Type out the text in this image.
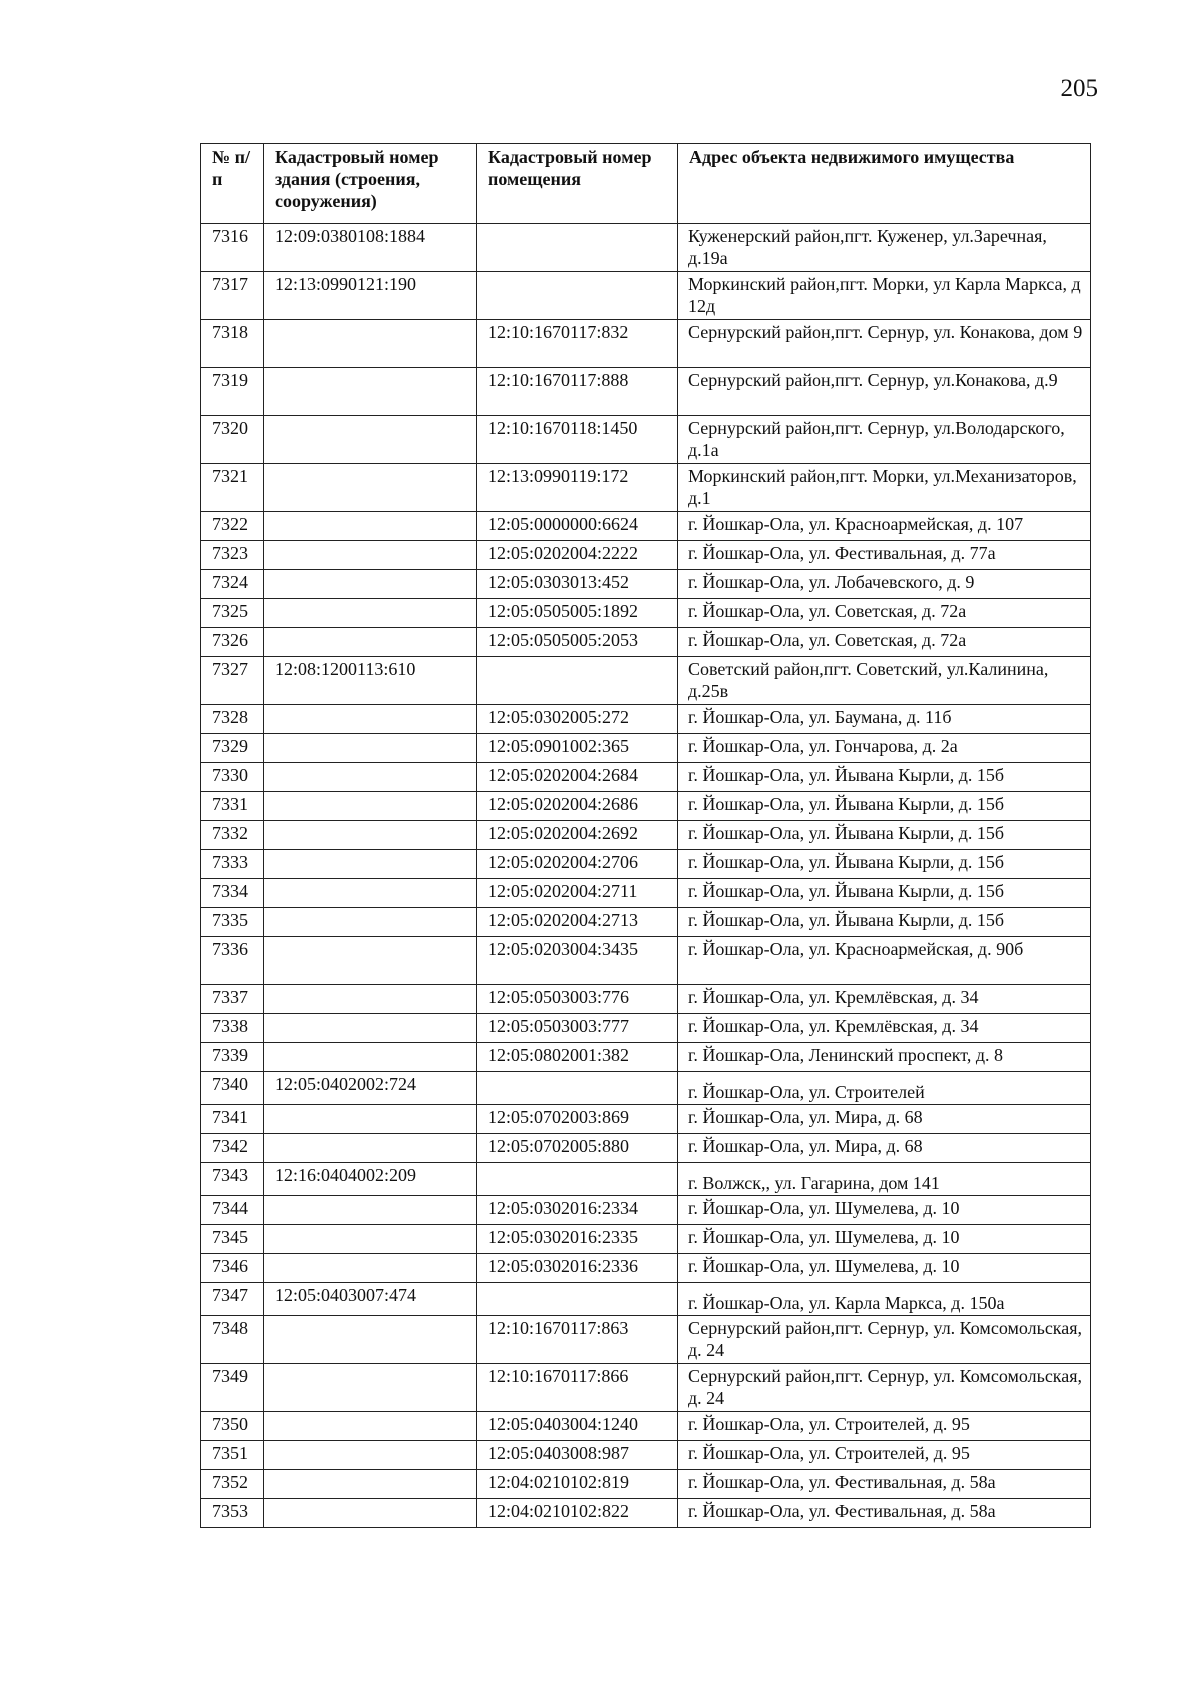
205
№ п/п	Кадастровый номер здания (строения, сооружения)	Кадастровый номер помещения	Адрес объекта недвижимого имущества
7316	12:09:0380108:1884		Куженерский район,пгт. Куженер, ул.Заречная, д.19а
7317	12:13:0990121:190		Моркинский район,пгт. Морки, ул Карла Маркса, д 12д
7318		12:10:1670117:832	Сернурский район,пгт. Сернур, ул. Конакова, дом 9
7319		12:10:1670117:888	Сернурский район,пгт. Сернур, ул.Конакова, д.9
7320		12:10:1670118:1450	Сернурский район,пгт. Сернур, ул.Володарского, д.1а
7321		12:13:0990119:172	Моркинский район,пгт. Морки, ул.Механизаторов, д.1
7322		12:05:0000000:6624	г. Йошкар-Ола, ул. Красноармейская, д. 107
7323		12:05:0202004:2222	г. Йошкар-Ола, ул. Фестивальная, д. 77а
7324		12:05:0303013:452	г. Йошкар-Ола, ул. Лобачевского, д. 9
7325		12:05:0505005:1892	г. Йошкар-Ола, ул. Советская, д. 72а
7326		12:05:0505005:2053	г. Йошкар-Ола, ул. Советская, д. 72а
7327	12:08:1200113:610		Советский район,пгт. Советский, ул.Калинина, д.25в
7328		12:05:0302005:272	г. Йошкар-Ола, ул. Баумана, д. 11б
7329		12:05:0901002:365	г. Йошкар-Ола, ул. Гончарова, д. 2а
7330		12:05:0202004:2684	г. Йошкар-Ола, ул. Йывана Кырли, д. 15б
7331		12:05:0202004:2686	г. Йошкар-Ола, ул. Йывана Кырли, д. 15б
7332		12:05:0202004:2692	г. Йошкар-Ола, ул. Йывана Кырли, д. 15б
7333		12:05:0202004:2706	г. Йошкар-Ола, ул. Йывана Кырли, д. 15б
7334		12:05:0202004:2711	г. Йошкар-Ола, ул. Йывана Кырли, д. 15б
7335		12:05:0202004:2713	г. Йошкар-Ола, ул. Йывана Кырли, д. 15б
7336		12:05:0203004:3435	г. Йошкар-Ола, ул. Красноармейская, д. 90б
7337		12:05:0503003:776	г. Йошкар-Ола, ул. Кремлёвская, д. 34
7338		12:05:0503003:777	г. Йошкар-Ола, ул. Кремлёвская, д. 34
7339		12:05:0802001:382	г. Йошкар-Ола, Ленинский проспект, д. 8
7340	12:05:0402002:724		г. Йошкар-Ола, ул. Строителей
7341		12:05:0702003:869	г. Йошкар-Ола, ул. Мира, д. 68
7342		12:05:0702005:880	г. Йошкар-Ола, ул. Мира, д. 68
7343	12:16:0404002:209		г. Волжск,, ул. Гагарина, дом 141
7344		12:05:0302016:2334	г. Йошкар-Ола, ул. Шумелева, д. 10
7345		12:05:0302016:2335	г. Йошкар-Ола, ул. Шумелева, д. 10
7346		12:05:0302016:2336	г. Йошкар-Ола, ул. Шумелева, д. 10
7347	12:05:0403007:474		г. Йошкар-Ола, ул. Карла Маркса, д. 150а
7348		12:10:1670117:863	Сернурский район,пгт. Сернур, ул. Комсомольская, д. 24
7349		12:10:1670117:866	Сернурский район,пгт. Сернур, ул. Комсомольская, д. 24
7350		12:05:0403004:1240	г. Йошкар-Ола, ул. Строителей, д. 95
7351		12:05:0403008:987	г. Йошкар-Ола, ул. Строителей, д. 95
7352		12:04:0210102:819	г. Йошкар-Ола, ул. Фестивальная, д. 58а
7353		12:04:0210102:822	г. Йошкар-Ола, ул. Фестивальная, д. 58а
